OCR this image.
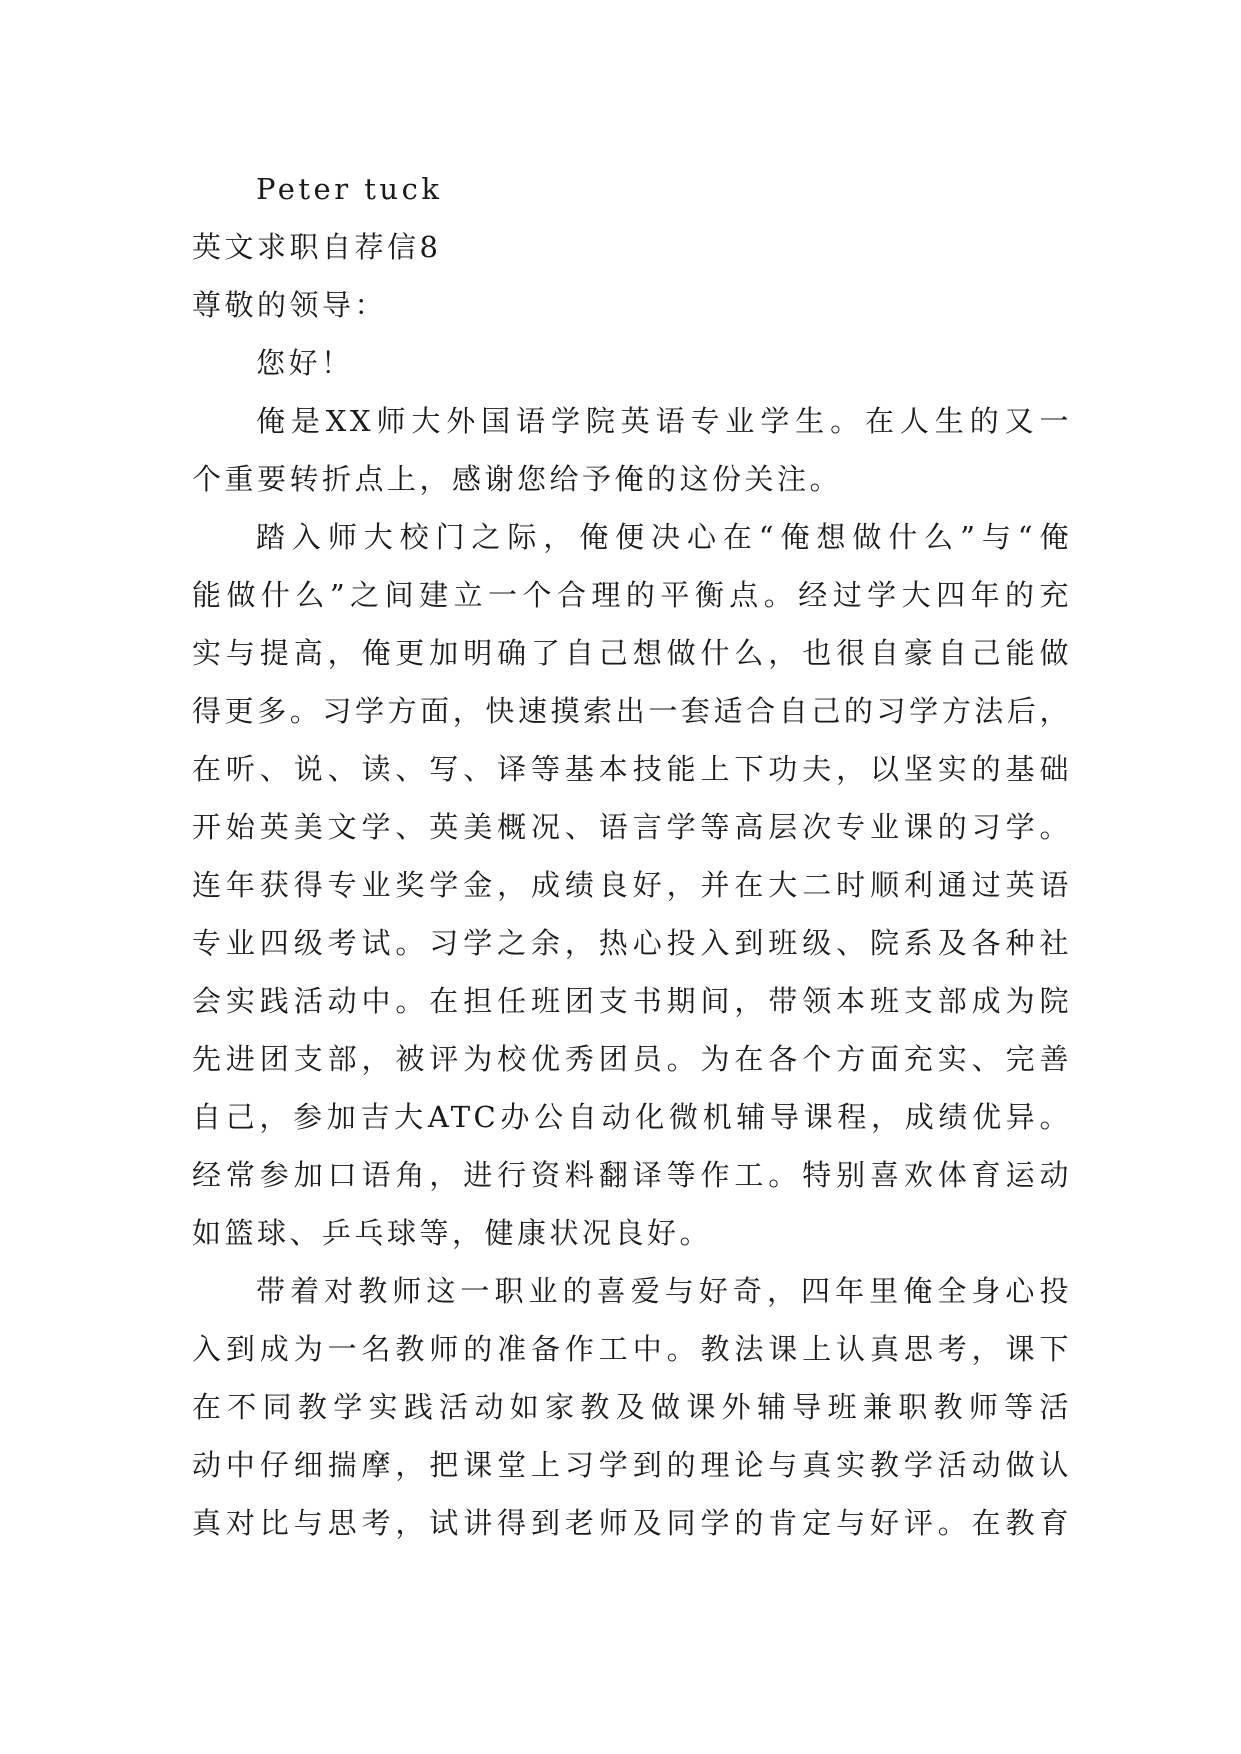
Peter tuck
英文求职自荐信8
尊敬的领导：
您好！
俺是XX师大外国语学院英语专业学生。在人生的又一
个重要转折点上，感谢您给予俺的这份关注。
踏入师大校门之际，俺便决心在“俺想做什么”与“俺
能做什么”之间建立一个合理的平衡点。经过学大四年的充
实与提高，俺更加明确了自己想做什么，也很自豪自己能做
得更多。习学方面，快速摸索出一套适合自己的习学方法后，
在听、说、读、写、译等基本技能上下功夫，以坚实的基础
开始英美文学、英美概况、语言学等高层次专业课的习学。
连年获得专业奖学金，成绩良好，并在大二时顺利通过英语
专业四级考试。习学之余，热心投入到班级、院系及各种社
会实践活动中。在担任班团支书期间，带领本班支部成为院
先进团支部，被评为校优秀团员。为在各个方面充实、完善
自己，参加吉大ATC办公自动化微机辅导课程，成绩优异。
经常参加口语角，进行资料翻译等作工。特别喜欢体育运动
如篮球、乒乓球等，健康状况良好。
带着对教师这一职业的喜爱与好奇，四年里俺全身心投
入到成为一名教师的准备作工中。教法课上认真思考，课下
在不同教学实践活动如家教及做课外辅导班兼职教师等活
动中仔细揣摩，把课堂上习学到的理论与真实教学活动做认
真对比与思考，试讲得到老师及同学的肯定与好评。在教育
